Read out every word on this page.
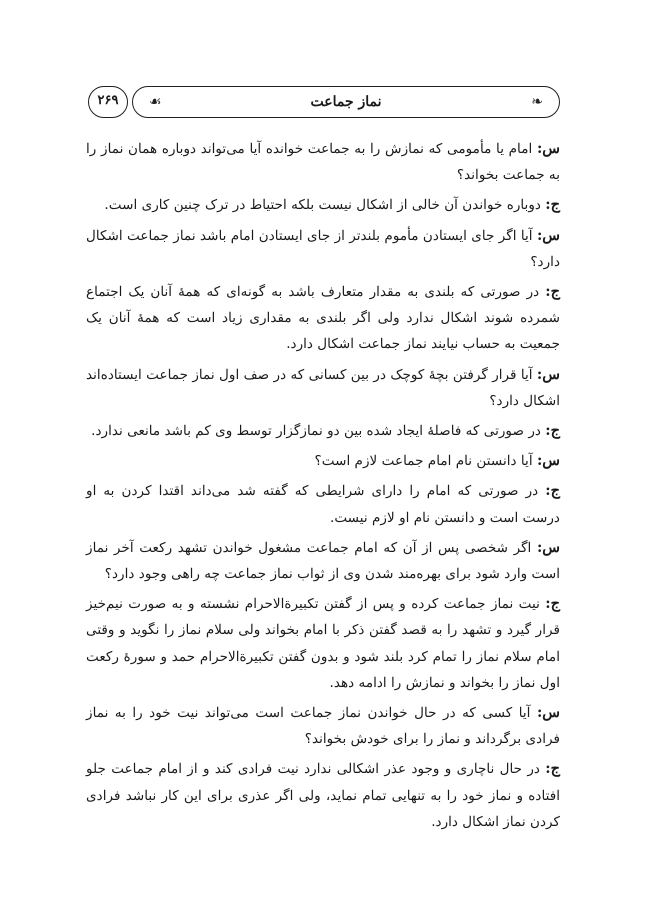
❧
نماز جماعت
☙
۲۶۹

س: امام یا مأمومی که نمازش را به جماعت خوانده آیا می‌تواند دوباره همان نماز را به جماعت بخواند؟

ج: دوباره خواندن آن خالی از اشکال نیست بلکه احتیاط در ترک چنین کاری است.

س: آیا اگر جای ایستادن مأموم بلندتر از جای ایستادن امام باشد نماز جماعت اشکال دارد؟

ج: در صورتی که بلندی به مقدار متعارف باشد به گونه‌ای که همهٔ آنان یک اجتماع شمرده شوند اشکال ندارد ولی اگر بلندی به مقداری زیاد است که همهٔ آنان یک جمعیت به حساب نیایند نماز جماعت اشکال دارد.

س: آیا قرار گرفتن بچهٔ کوچک در بین کسانی که در صف اول نماز جماعت ایستاده‌اند اشکال دارد؟

ج: در صورتی که فاصلهٔ ایجاد شده بین دو نمازگزار توسط وی کم باشد مانعی ندارد.

س: آیا دانستن نام امام جماعت لازم است؟

ج: در صورتی که امام را دارای شرایطی که گفته شد می‌داند اقتدا کردن به او درست است و دانستن نام او لازم نیست.

س: اگر شخصی پس از آن که امام جماعت مشغول خواندن تشهد رکعت آخر نماز است وارد شود برای بهره‌مند شدن وی از ثواب نماز جماعت چه راهی وجود دارد؟

ج: نیت نماز جماعت کرده و پس از گفتن تکبیرةالاحرام نشسته و به صورت نیم‌خیز قرار گیرد و تشهد را به قصد گفتن ذکر با امام بخواند ولی سلام نماز را نگوید و وقتی امام سلام نماز را تمام کرد بلند شود و بدون گفتن تکبیرةالاحرام حمد و سورهٔ رکعت اول نماز را بخواند و نمازش را ادامه دهد.

س: آیا کسی که در حال خواندن نماز جماعت است می‌تواند نیت خود را به نماز فرادی برگرداند و نماز را برای خودش بخواند؟

ج: در حال ناچاری و وجود عذر اشکالی ندارد نیت فرادی کند و از امام جماعت جلو افتاده و نماز خود را به تنهایی تمام نماید، ولی اگر عذری برای این کار نباشد فرادی کردن نماز اشکال دارد.
